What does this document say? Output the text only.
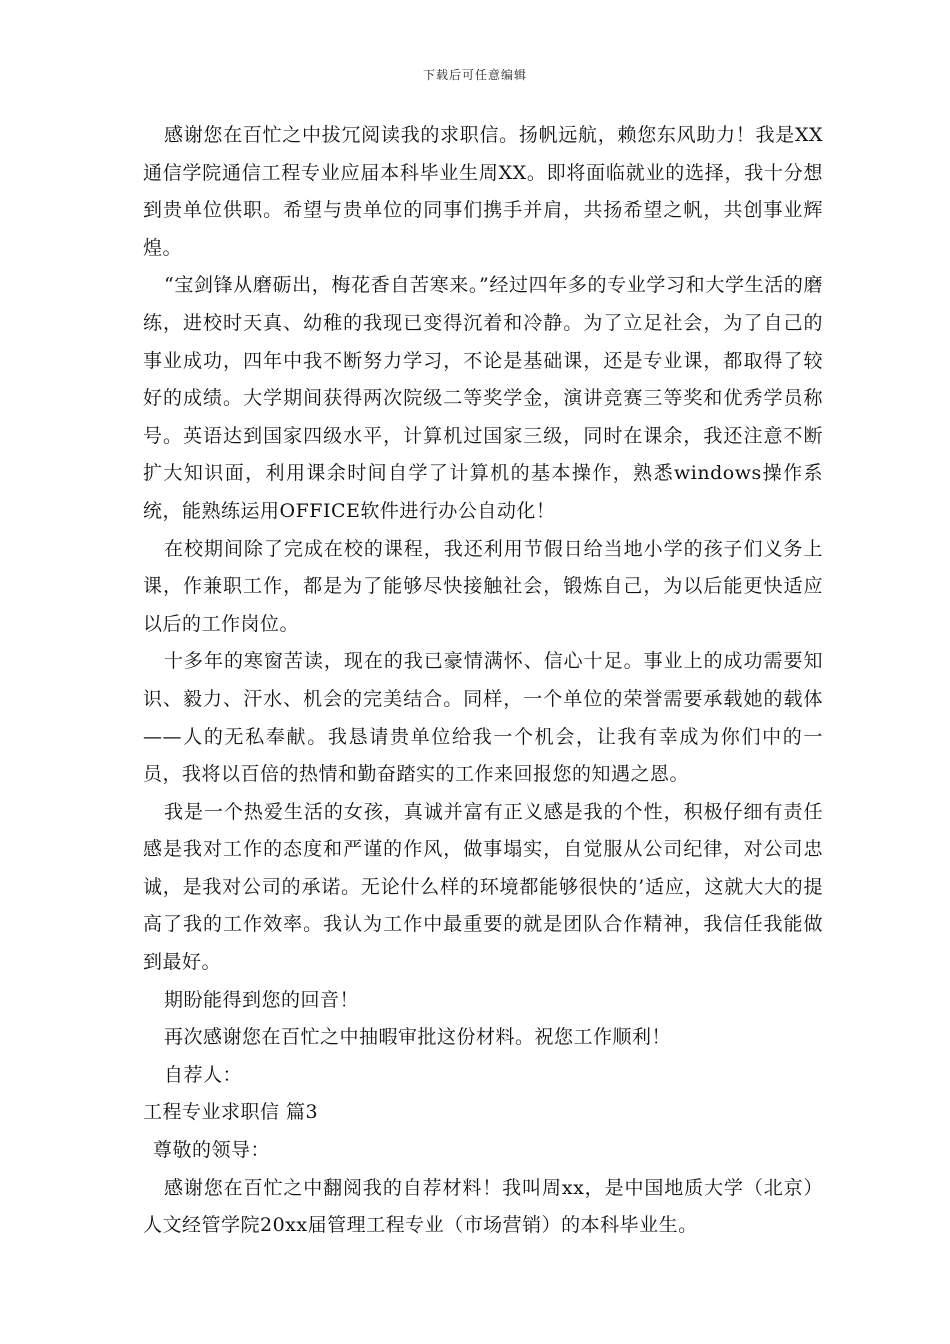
下载后可任意编辑

感谢您在百忙之中拔冗阅读我的求职信。扬帆远航，赖您东风助力！我是XX通信学院通信工程专业应届本科毕业生周XX。即将面临就业的选择，我十分想到贵单位供职。希望与贵单位的同事们携手并肩，共扬希望之帆，共创事业辉煌。

“宝剑锋从磨砺出，梅花香自苦寒来。”经过四年多的专业学习和大学生活的磨练，进校时天真、幼稚的我现已变得沉着和冷静。为了立足社会，为了自己的事业成功，四年中我不断努力学习，不论是基础课，还是专业课，都取得了较好的成绩。大学期间获得两次院级二等奖学金，演讲竞赛三等奖和优秀学员称号。英语达到国家四级水平，计算机过国家三级，同时在课余，我还注意不断扩大知识面，利用课余时间自学了计算机的基本操作，熟悉windows操作系统，能熟练运用OFFICE软件进行办公自动化！

在校期间除了完成在校的课程，我还利用节假日给当地小学的孩子们义务上课，作兼职工作，都是为了能够尽快接触社会，锻炼自己，为以后能更快适应以后的工作岗位。

十多年的寒窗苦读，现在的我已豪情满怀、信心十足。事业上的成功需要知识、毅力、汗水、机会的完美结合。同样，一个单位的荣誉需要承载她的载体——人的无私奉献。我恳请贵单位给我一个机会，让我有幸成为你们中的一员，我将以百倍的热情和勤奋踏实的工作来回报您的知遇之恩。

我是一个热爱生活的女孩，真诚并富有正义感是我的个性，积极仔细有责任感是我对工作的态度和严谨的作风，做事塌实，自觉服从公司纪律，对公司忠诚，是我对公司的承诺。无论什么样的环境都能够很快的’适应，这就大大的提高了我的工作效率。我认为工作中最重要的就是团队合作精神，我信任我能做到最好。

期盼能得到您的回音！

再次感谢您在百忙之中抽暇审批这份材料。祝您工作顺利！

自荐人：

工程专业求职信 篇3

尊敬的领导：

感谢您在百忙之中翻阅我的自荐材料！我叫周xx，是中国地质大学（北京）人文经管学院20xx届管理工程专业（市场营销）的本科毕业生。
